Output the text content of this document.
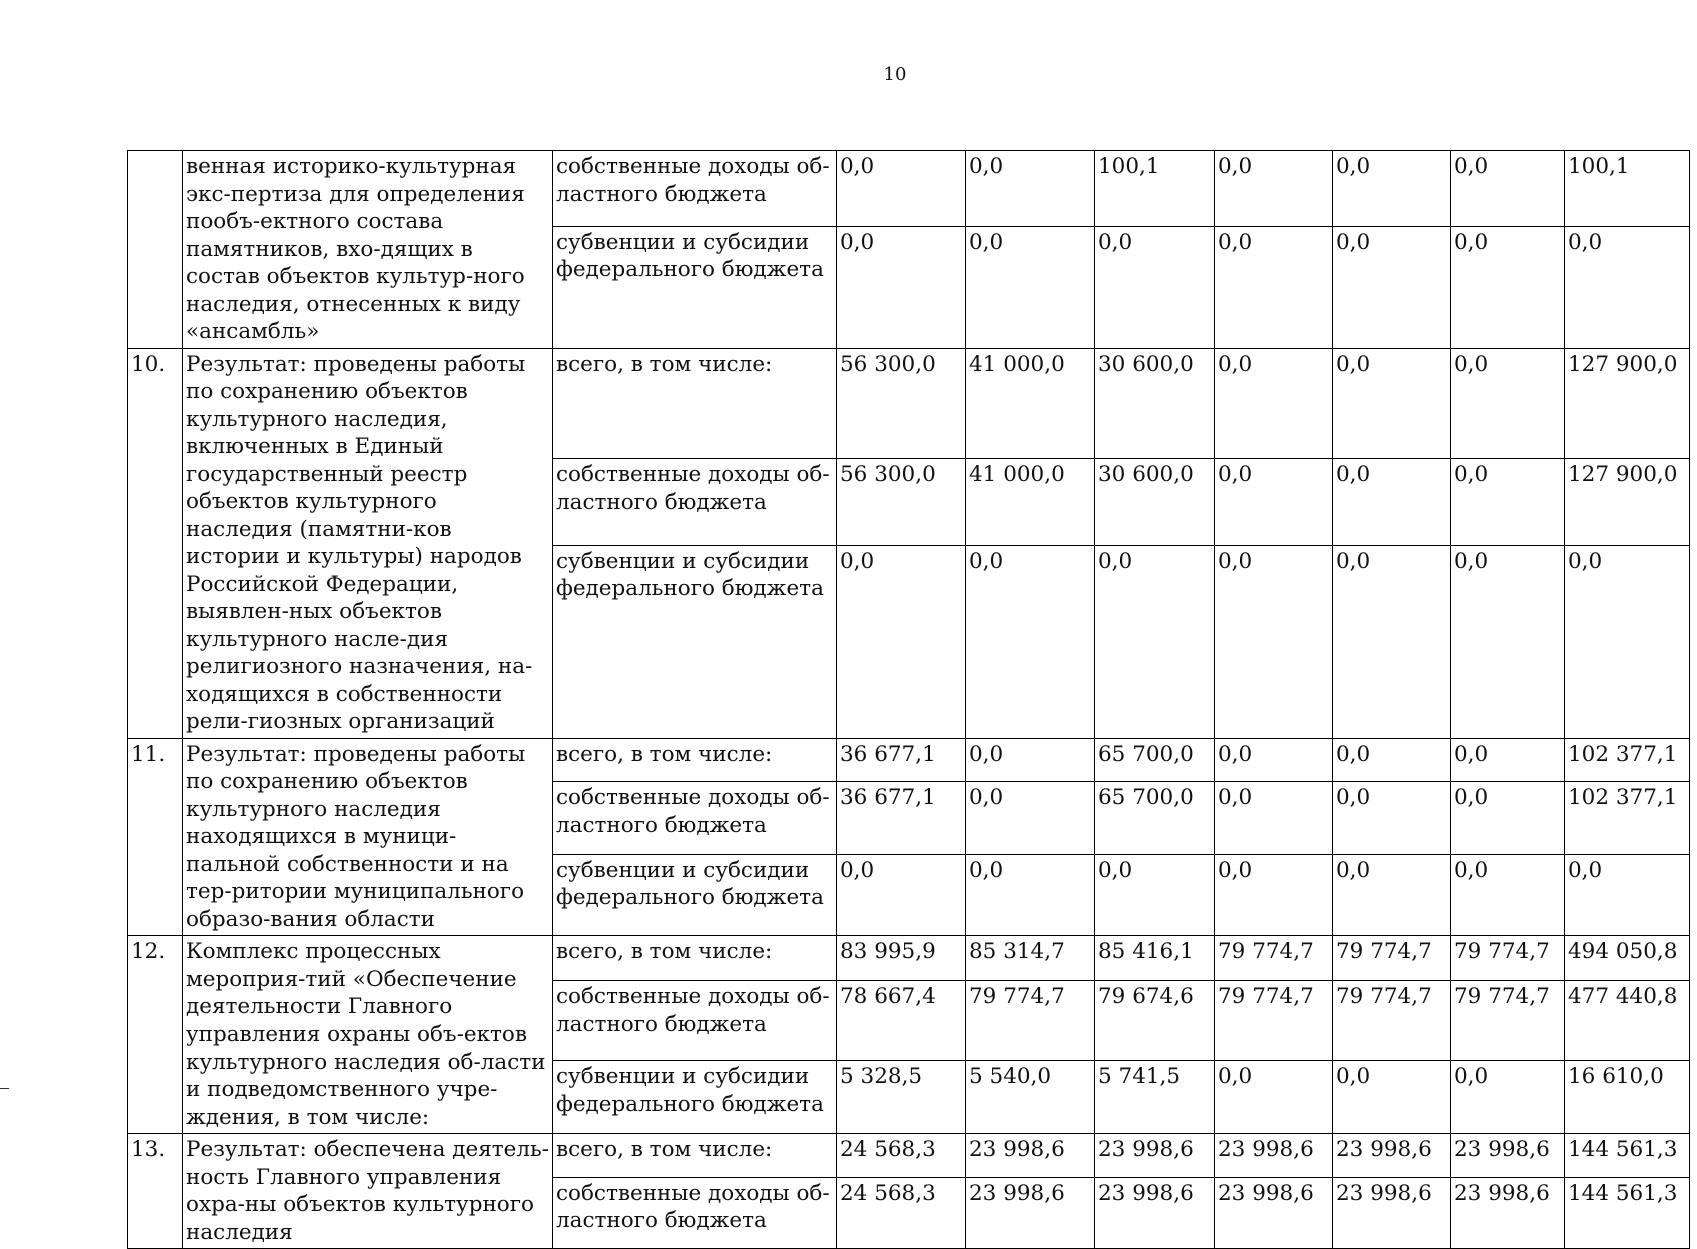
10
	венная историко-культурная экс-пертиза для определения пообъ-ектного состава памятников, вхо-дящих в состав объектов культур-ного наследия, отнесенных к виду «ансамбль»	собственные доходы об-ластного бюджета	0,0	0,0	100,1	0,0	0,0	0,0	100,1
		субвенции и субсидии федерального бюджета	0,0	0,0	0,0	0,0	0,0	0,0	0,0
10.	Результат: проведены работы по сохранению объектов культурного наследия, включенных в Единый государственный реестр объектов культурного наследия (памятни-ков истории и культуры) народов Российской Федерации, выявлен-ных объектов культурного насле-дия религиозного назначения, на-ходящихся в собственности рели-гиозных организаций	всего, в том числе:	56 300,0	41 000,0	30 600,0	0,0	0,0	0,0	127 900,0
		собственные доходы об-ластного бюджета	56 300,0	41 000,0	30 600,0	0,0	0,0	0,0	127 900,0
		субвенции и субсидии федерального бюджета	0,0	0,0	0,0	0,0	0,0	0,0	0,0
11.	Результат: проведены работы по сохранению объектов культурного наследия находящихся в муници-пальной собственности и на тер-ритории муниципального образо-вания области	всего, в том числе:	36 677,1	0,0	65 700,0	0,0	0,0	0,0	102 377,1
		собственные доходы об-ластного бюджета	36 677,1	0,0	65 700,0	0,0	0,0	0,0	102 377,1
		субвенции и субсидии федерального бюджета	0,0	0,0	0,0	0,0	0,0	0,0	0,0
12.	Комплекс процессных мероприя-тий «Обеспечение деятельности Главного управления охраны объ-ектов культурного наследия об-ласти и подведомственного учре-ждения, в том числе:	всего, в том числе:	83 995,9	85 314,7	85 416,1	79 774,7	79 774,7	79 774,7	494 050,8
		собственные доходы об-ластного бюджета	78 667,4	79 774,7	79 674,6	79 774,7	79 774,7	79 774,7	477 440,8
		субвенции и субсидии федерального бюджета	5 328,5	5 540,0	5 741,5	0,0	0,0	0,0	16 610,0
13.	Результат: обеспечена деятель-ность Главного управления охра-ны объектов культурного наследия	всего, в том числе:	24 568,3	23 998,6	23 998,6	23 998,6	23 998,6	23 998,6	144 561,3
		собственные доходы об-ластного бюджета	24 568,3	23 998,6	23 998,6	23 998,6	23 998,6	23 998,6	144 561,3
